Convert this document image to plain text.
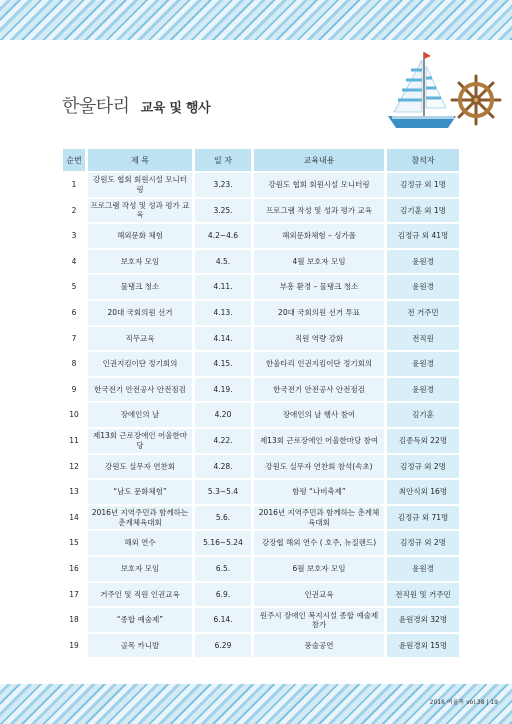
한울타리 교육 및 행사
순번	제 목	일 자	교육내용	참석자
1	강원도 협회 회원시설 모니터링	3.23.	강원도 협회 회원시설 모니터링	김정규 외 1명
2	프로그램 작성 및 성과 평가 교육	3.25.	프로그램 작성 및 성과 평가 교육	김기훈 외 1명
3	해외문화 체험	4.2~4.6	해외문화체험 – 싱가폴	김정규 외 41명
4	보호자 모임	4.5.	4월 보호자 모임	윤원경
5	물탱크 청소	4.11.	부흥 환경 – 물탱크 청소	윤원경
6	20대 국회의원 선거	4.13.	20대 국회의원 선거 투표	전 거주민
7	직무교육	4.14.	직원 역량 강화	전직원
8	인권지킴이단 정기회의	4.15.	한울타리 인권지킴이단 정기회의	윤원경
9	한국전기 안전공사 안전점검	4.19.	한국전기 안전공사 안전점검	윤원경
10	장애인의 날	4.20	장애인의 날 행사 참여	김기훈
11	제13회 근로장애인 어울한마당	4.22.	제13회 근로장애인 어울한마당 참여	김종득외 22명
12	강원도 실무자 연찬회	4.28.	강원도 실무자 연찬회 참석(속초)	김정규 외 2명
13	“남도 문화체험”	5.3~5.4	함평 “나비축제”	최안식외 16명
14	2016년 지역주민과 함께하는 춘계체육대회	5.6.	2016년 지역주민과 함께하는 춘계체육대회	김정규 외 71명
15	해외 연수	5.16~5.24	강장협 해외 연수 ( 호주, 뉴질랜드)	김정규 외 2명
16	보호자 모임	6.5.	6월 보호자 모임	윤원경
17	거주인 및 직원 인권교육	6.9.	인권교육	전직원 및 거주민
18	“종합 예술제”	6.14.	원주시 장애인 복지시설 종합 예술제 참가	윤원경외 32명
19	골목 카니발	6.29	풍술공연	윤원경외 15명
2016 여울목 vol.38 | 19
